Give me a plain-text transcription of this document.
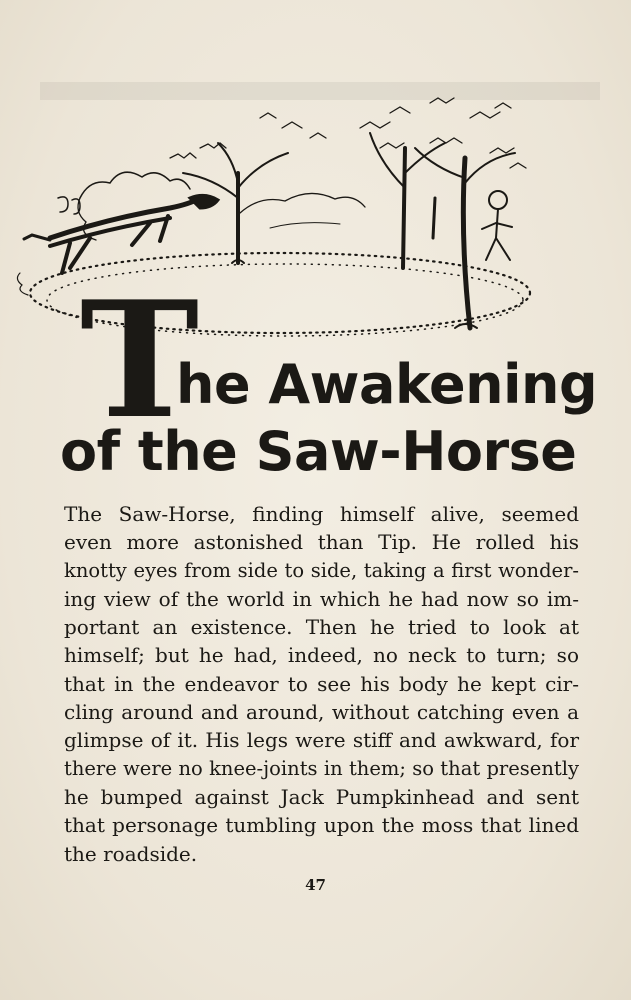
T
he Awakening
of the Saw-Horse
The Saw-Horse, finding himself alive, seemed
even more astonished than Tip. He rolled his
knotty eyes from side to side, taking a first wonder-
ing view of the world in which he had now so im-
portant an existence. Then he tried to look at
himself; but he had, indeed, no neck to turn; so
that in the endeavor to see his body he kept cir-
cling around and around, without catching even a
glimpse of it. His legs were stiff and awkward, for
there were no knee-joints in them; so that presently
he bumped against Jack Pumpkinhead and sent
that personage tumbling upon the moss that lined
the roadside.
47
